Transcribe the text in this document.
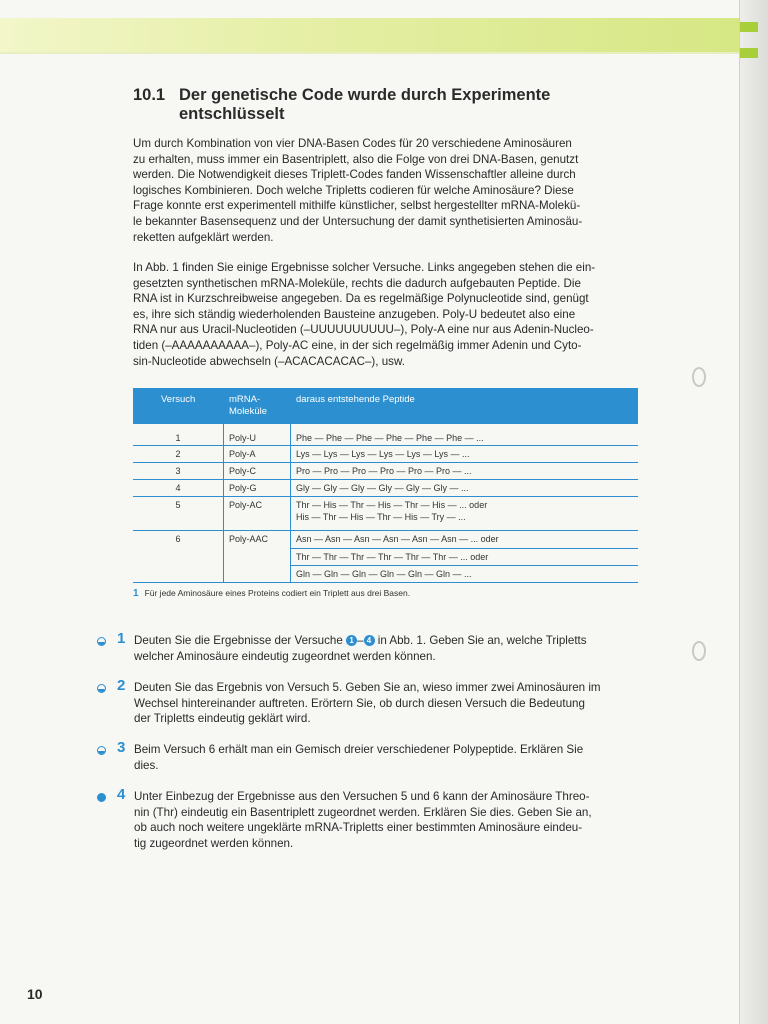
10.1 Der genetische Code wurde durch Experimente
entschlüsselt
Um durch Kombination von vier DNA-Basen Codes für 20 verschiedene Aminosäuren
zu erhalten, muss immer ein Basentriplett, also die Folge von drei DNA-Basen, genutzt
werden. Die Notwendigkeit dieses Triplett-Codes fanden Wissenschaftler alleine durch
logisches Kombinieren. Doch welche Tripletts codieren für welche Aminosäure? Diese
Frage konnte erst experimentell mithilfe künstlicher, selbst hergestellter mRNA-Molekü-
le bekannter Basensequenz und der Untersuchung der damit synthetisierten Aminosäu-
reketten aufgeklärt werden.
In Abb. 1 finden Sie einige Ergebnisse solcher Versuche. Links angegeben stehen die ein-
gesetzten synthetischen mRNA-Moleküle, rechts die dadurch aufgebauten Peptide. Die
RNA ist in Kurzschreibweise angegeben. Da es regelmäßige Polynucleotide sind, genügt
es, ihre sich ständig wiederholenden Bausteine anzugeben. Poly-U bedeutet also eine
RNA nur aus Uracil-Nucleotiden (–UUUUUUUUUU–), Poly-A eine nur aus Adenin-Nucleo-
tiden (–AAAAAAAAAA–), Poly-AC eine, in der sich regelmäßig immer Adenin und Cyto-
sin-Nucleotide abwechseln (–ACACACACAC–), usw.
Versuch	mRNA-
Moleküle
daraus entstehende Peptide
1	Poly-U	Phe — Phe — Phe — Phe — Phe — Phe — ...
2	Poly-A	Lys — Lys — Lys — Lys — Lys — Lys — ...
3	Poly-C	Pro — Pro — Pro — Pro — Pro — Pro — ...
4	Poly-G	Gly — Gly — Gly — Gly — Gly — Gly — ...
5	Poly-AC	Thr — His — Thr — His — Thr — His — ... oder
His — Thr — His — Thr — His — Try — ...
6	Poly-AAC	Asn — Asn — Asn — Asn — Asn — Asn — ... oder
Thr — Thr — Thr — Thr — Thr — Thr — ... oder
Gln — Gln — Gln — Gln — Gln — Gln — ...
1 Für jede Aminosäure eines Proteins codiert ein Triplett aus drei Basen.
1 Deuten Sie die Ergebnisse der Versuche 1 – 4 in Abb. 1. Geben Sie an, welche Tripletts
welcher Aminosäure eindeutig zugeordnet werden können.
2 Deuten Sie das Ergebnis von Versuch 5. Geben Sie an, wieso immer zwei Aminosäuren im
Wechsel hintereinander auftreten. Erörtern Sie, ob durch diesen Versuch die Bedeutung
der Tripletts eindeutig geklärt wird.
3 Beim Versuch 6 erhält man ein Gemisch dreier verschiedener Polypeptide. Erklären Sie
dies.
4 Unter Einbezug der Ergebnisse aus den Versuchen 5 und 6 kann der Aminosäure Threo-
nin (Thr) eindeutig ein Basentriplett zugeordnet werden. Erklären Sie dies. Geben Sie an,
ob auch noch weitere ungeklärte mRNA-Tripletts einer bestimmten Aminosäure eindeu-
tig zugeordnet werden können.
10
